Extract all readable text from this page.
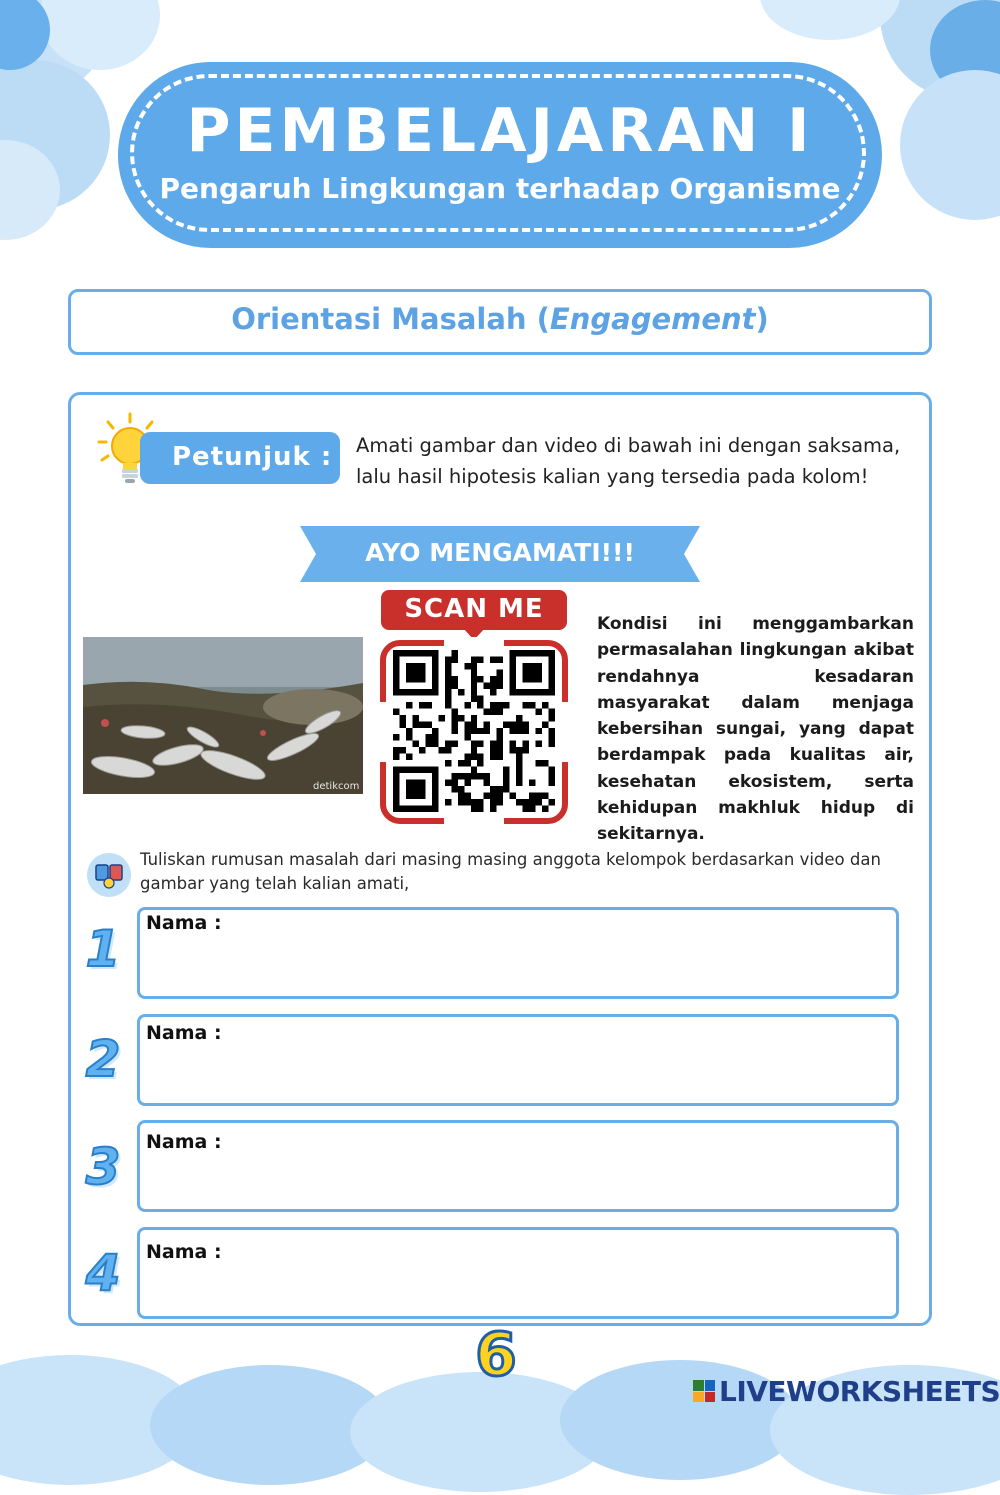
PEMBELAJARAN I
Pengaruh Lingkungan terhadap Organisme
Orientasi Masalah (Engagement)
Petunjuk : Amati gambar dan video di bawah ini dengan saksama,
lalu hasil hipotesis kalian yang tersedia pada kolom!
AYO MENGAMATI!!!
detikcom
SCAN ME	Kondisi ini menggambarkan permasalahan lingkungan akibat rendahnya kesadaran masyarakat dalam menjaga kebersihan sungai, yang dapat berdampak pada kualitas air, kesehatan ekosistem, serta kehidupan makhluk hidup di sekitarnya.
Tuliskan rumusan masalah dari masing masing anggota kelompok berdasarkan video dan
gambar yang telah kalian amati,
1 Nama :
2 Nama :
3 Nama :
4 Nama :
6
LIVEWORKSHEETS
